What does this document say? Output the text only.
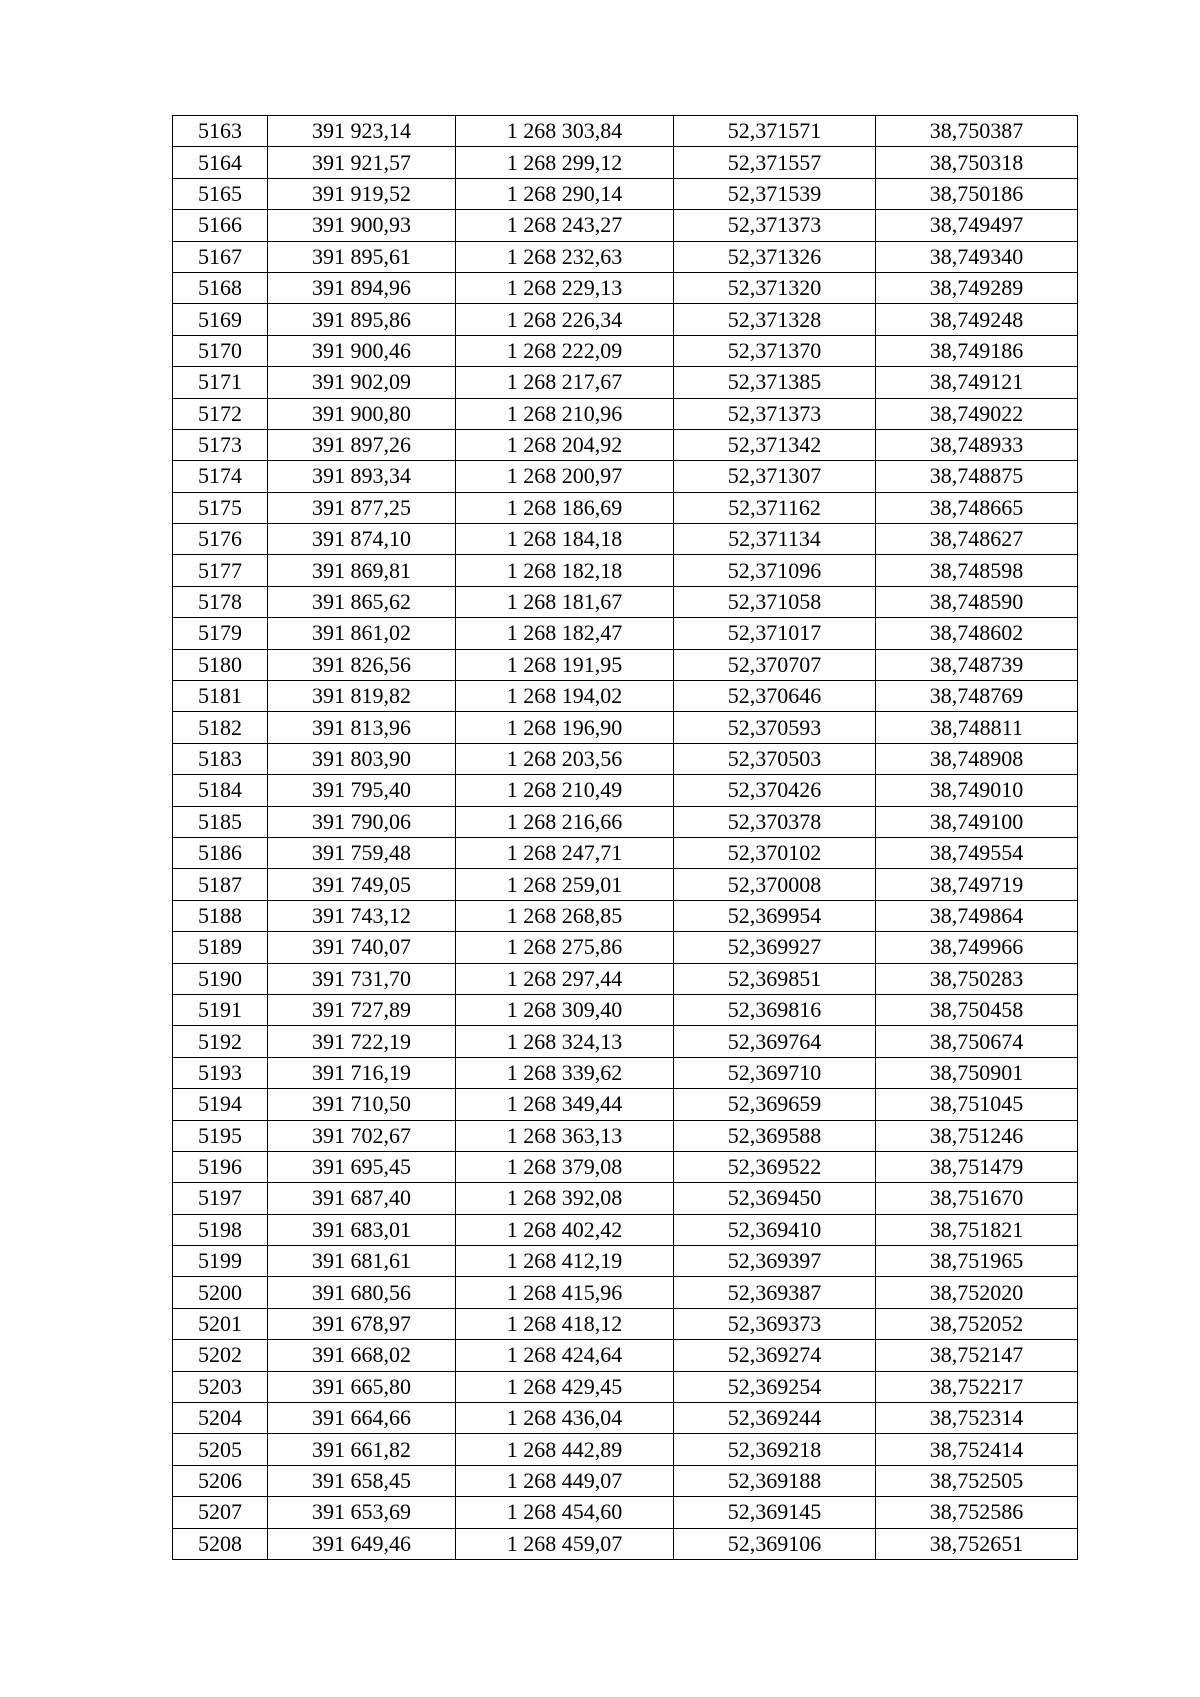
5163	391 923,14	1 268 303,84	52,371571	38,750387
5164	391 921,57	1 268 299,12	52,371557	38,750318
5165	391 919,52	1 268 290,14	52,371539	38,750186
5166	391 900,93	1 268 243,27	52,371373	38,749497
5167	391 895,61	1 268 232,63	52,371326	38,749340
5168	391 894,96	1 268 229,13	52,371320	38,749289
5169	391 895,86	1 268 226,34	52,371328	38,749248
5170	391 900,46	1 268 222,09	52,371370	38,749186
5171	391 902,09	1 268 217,67	52,371385	38,749121
5172	391 900,80	1 268 210,96	52,371373	38,749022
5173	391 897,26	1 268 204,92	52,371342	38,748933
5174	391 893,34	1 268 200,97	52,371307	38,748875
5175	391 877,25	1 268 186,69	52,371162	38,748665
5176	391 874,10	1 268 184,18	52,371134	38,748627
5177	391 869,81	1 268 182,18	52,371096	38,748598
5178	391 865,62	1 268 181,67	52,371058	38,748590
5179	391 861,02	1 268 182,47	52,371017	38,748602
5180	391 826,56	1 268 191,95	52,370707	38,748739
5181	391 819,82	1 268 194,02	52,370646	38,748769
5182	391 813,96	1 268 196,90	52,370593	38,748811
5183	391 803,90	1 268 203,56	52,370503	38,748908
5184	391 795,40	1 268 210,49	52,370426	38,749010
5185	391 790,06	1 268 216,66	52,370378	38,749100
5186	391 759,48	1 268 247,71	52,370102	38,749554
5187	391 749,05	1 268 259,01	52,370008	38,749719
5188	391 743,12	1 268 268,85	52,369954	38,749864
5189	391 740,07	1 268 275,86	52,369927	38,749966
5190	391 731,70	1 268 297,44	52,369851	38,750283
5191	391 727,89	1 268 309,40	52,369816	38,750458
5192	391 722,19	1 268 324,13	52,369764	38,750674
5193	391 716,19	1 268 339,62	52,369710	38,750901
5194	391 710,50	1 268 349,44	52,369659	38,751045
5195	391 702,67	1 268 363,13	52,369588	38,751246
5196	391 695,45	1 268 379,08	52,369522	38,751479
5197	391 687,40	1 268 392,08	52,369450	38,751670
5198	391 683,01	1 268 402,42	52,369410	38,751821
5199	391 681,61	1 268 412,19	52,369397	38,751965
5200	391 680,56	1 268 415,96	52,369387	38,752020
5201	391 678,97	1 268 418,12	52,369373	38,752052
5202	391 668,02	1 268 424,64	52,369274	38,752147
5203	391 665,80	1 268 429,45	52,369254	38,752217
5204	391 664,66	1 268 436,04	52,369244	38,752314
5205	391 661,82	1 268 442,89	52,369218	38,752414
5206	391 658,45	1 268 449,07	52,369188	38,752505
5207	391 653,69	1 268 454,60	52,369145	38,752586
5208	391 649,46	1 268 459,07	52,369106	38,752651
